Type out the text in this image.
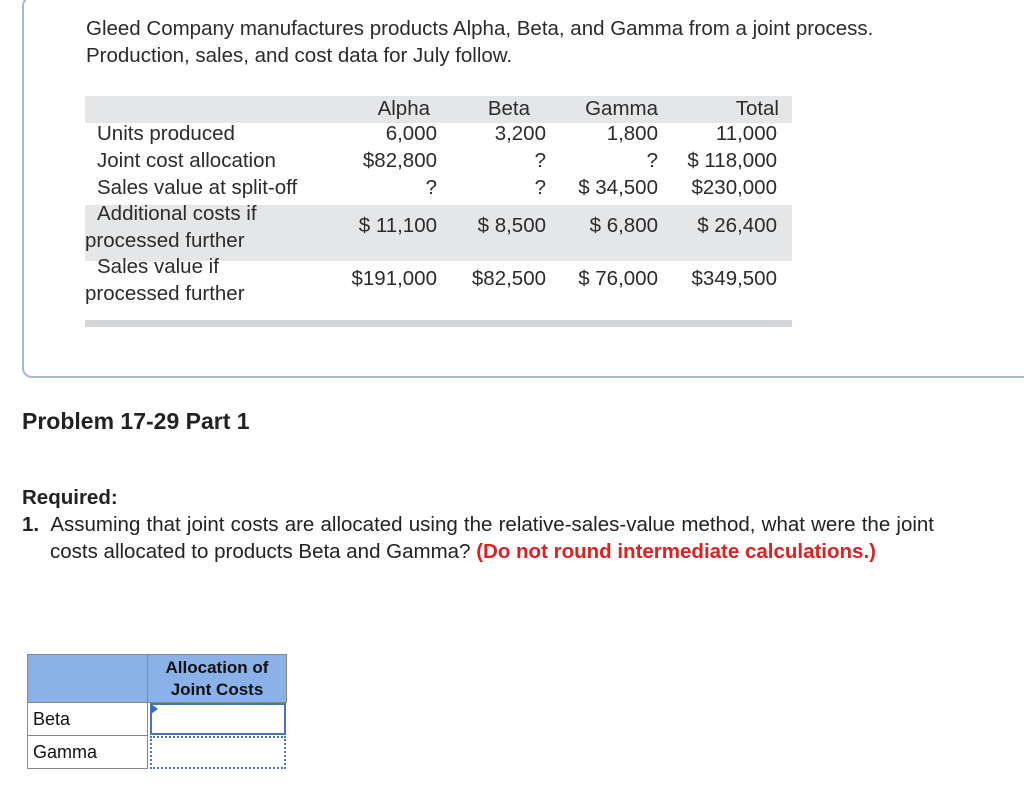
Gleed Company manufactures products Alpha, Beta, and Gamma from a joint process.
Production, sales, and cost data for July follow.
Alpha	Beta	Gamma	Total
Units produced	6,000	3,200	1,800	11,000
Joint cost allocation	$82,800	?	?	$ 118,000
Sales value at split-off	?	?	$ 34,500	$230,000
Additional costs if
processed further
$ 11,100	$ 8,500	$ 6,800	$ 26,400
Sales value if
processed further
$191,000	$82,500	$ 76,000	$349,500
Problem 17-29 Part 1
Required:
1. Assuming that joint costs are allocated using the relative-sales-value method, what were the joint costs allocated to products Beta and Gamma? (Do not round intermediate calculations.)
Allocation of Joint Costs
Beta
Gamma
